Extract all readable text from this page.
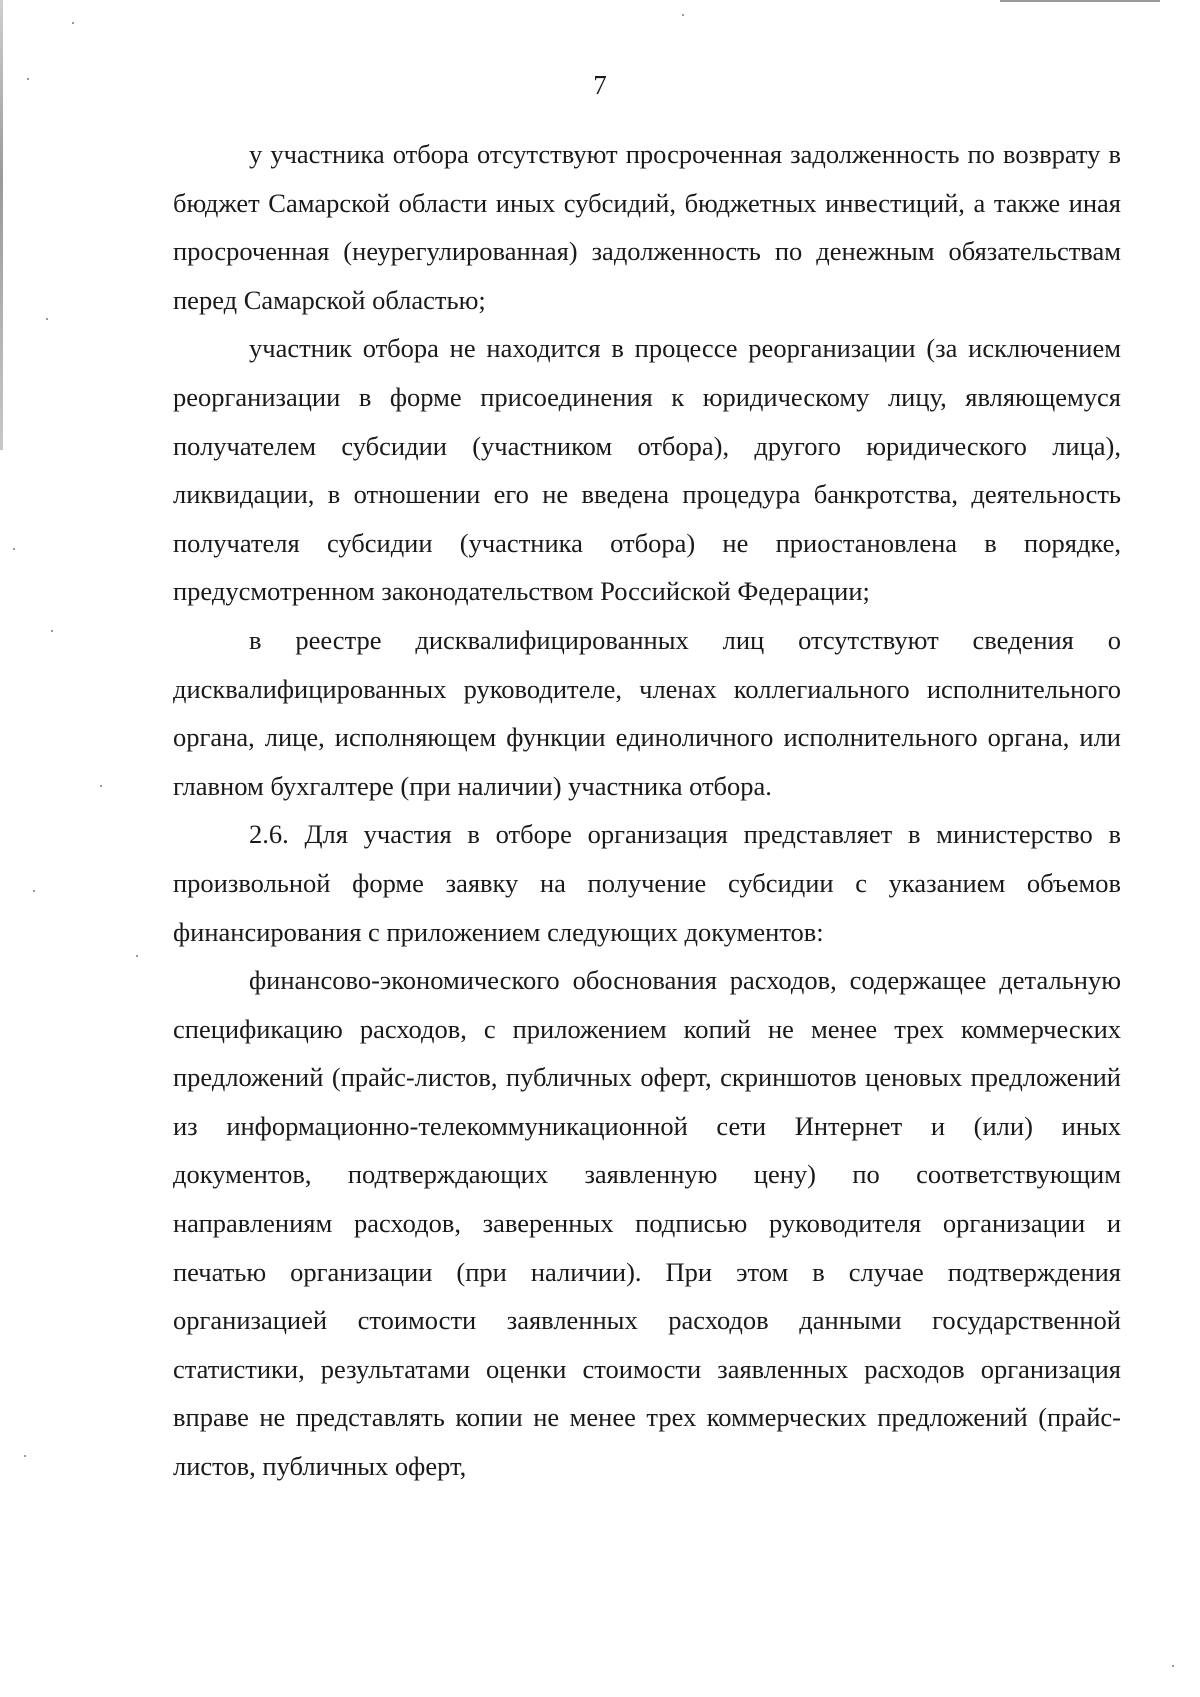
7

у участника отбора отсутствуют просроченная задолженность по возврату в бюджет Самарской области иных субсидий, бюджетных инвестиций, а также иная просроченная (неурегулированная) задолженность по денежным обязательствам перед Самарской областью;

участник отбора не находится в процессе реорганизации (за исключением реорганизации в форме присоединения к юридическому лицу, являющемуся получателем субсидии (участником отбора), другого юридического лица), ликвидации, в отношении его не введена процедура банкротства, деятельность получателя субсидии (участника отбора) не приостановлена в порядке, предусмотренном законодательством Российской Федерации;

в реестре дисквалифицированных лиц отсутствуют сведения о дисквалифицированных руководителе, членах коллегиального исполнительного органа, лице, исполняющем функции единоличного исполнительного органа, или главном бухгалтере (при наличии) участника отбора.

2.6. Для участия в отборе организация представляет в министерство в произвольной форме заявку на получение субсидии с указанием объемов финансирования с приложением следующих документов:

финансово-экономического обоснования расходов, содержащее детальную спецификацию расходов, с приложением копий не менее трех коммерческих предложений (прайс-листов, публичных оферт, скриншотов ценовых предложений из информационно-телекоммуникационной сети Интернет и (или) иных документов, подтверждающих заявленную цену) по соответствующим направлениям расходов, заверенных подписью руководителя организации и печатью организации (при наличии). При этом в случае подтверждения организацией стоимости заявленных расходов данными государственной статистики, результатами оценки стоимости заявленных расходов организация вправе не представлять копии не менее трех коммерческих предложений (прайс-листов, публичных оферт,
